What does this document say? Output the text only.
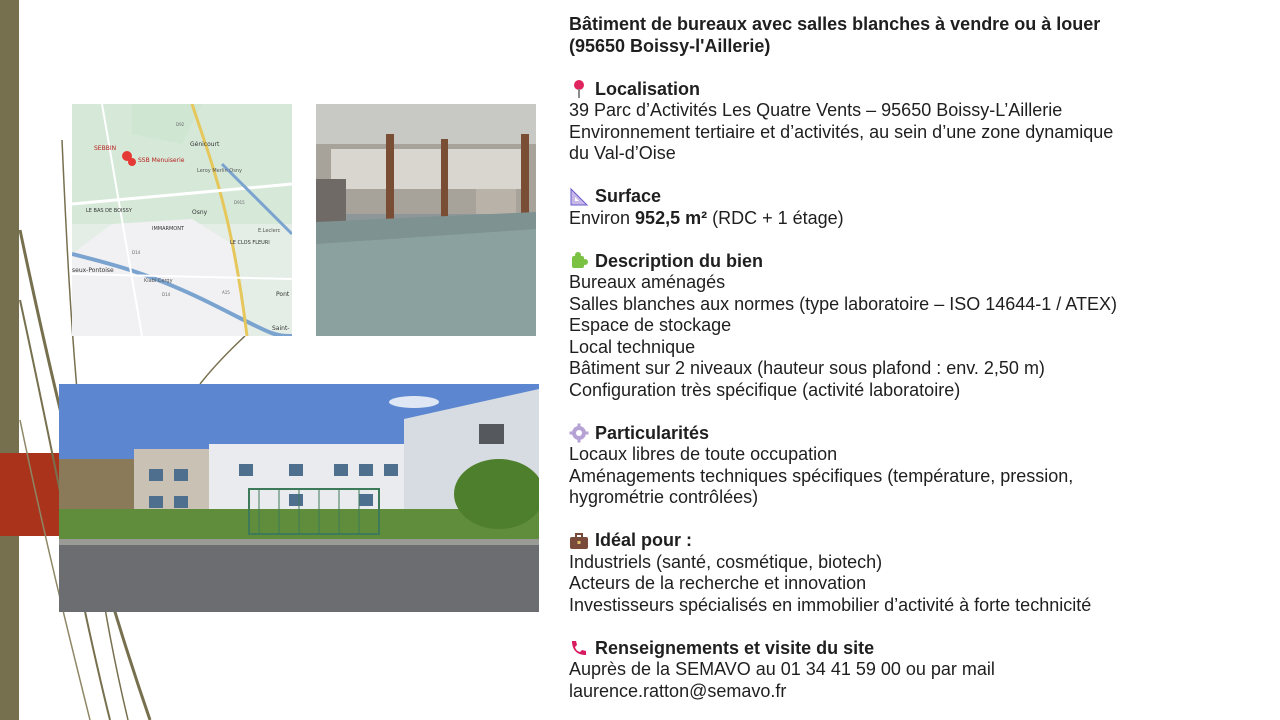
SEBBIN
SSB Menuiserie
Génicourt
Leroy Merlin Osny
LE BAS DE BOISSY	Osny
IMMARMONT
LE CLOS FLEURI
E.Leclerc
Kiabi Cergy
Pont
Saint-
seux-Pontoise
D92
D915
D14	A15
D14
Bâtiment de bureaux avec salles blanches à vendre ou à louer
(95650 Boissy-l'Aillerie)
Localisation
39 Parc d’Activités Les Quatre Vents – 95650 Boissy-L’Aillerie
Environnement tertiaire et d’activités, au sein d’une zone dynamique
du Val-d’Oise
Surface
Environ 952,5 m² (RDC + 1 étage)
Description du bien
Bureaux aménagés
Salles blanches aux normes (type laboratoire – ISO 14644-1 / ATEX)
Espace de stockage
Local technique
Bâtiment sur 2 niveaux (hauteur sous plafond : env. 2,50 m)
Configuration très spécifique (activité laboratoire)
Particularités
Locaux libres de toute occupation
Aménagements techniques spécifiques (température, pression,
hygrométrie contrôlées)
Idéal pour :
Industriels (santé, cosmétique, biotech)
Acteurs de la recherche et innovation
Investisseurs spécialisés en immobilier d’activité à forte technicité
Renseignements et visite du site
Auprès de la SEMAVO au 01 34 41 59 00 ou par mail
laurence.ratton@semavo.fr
